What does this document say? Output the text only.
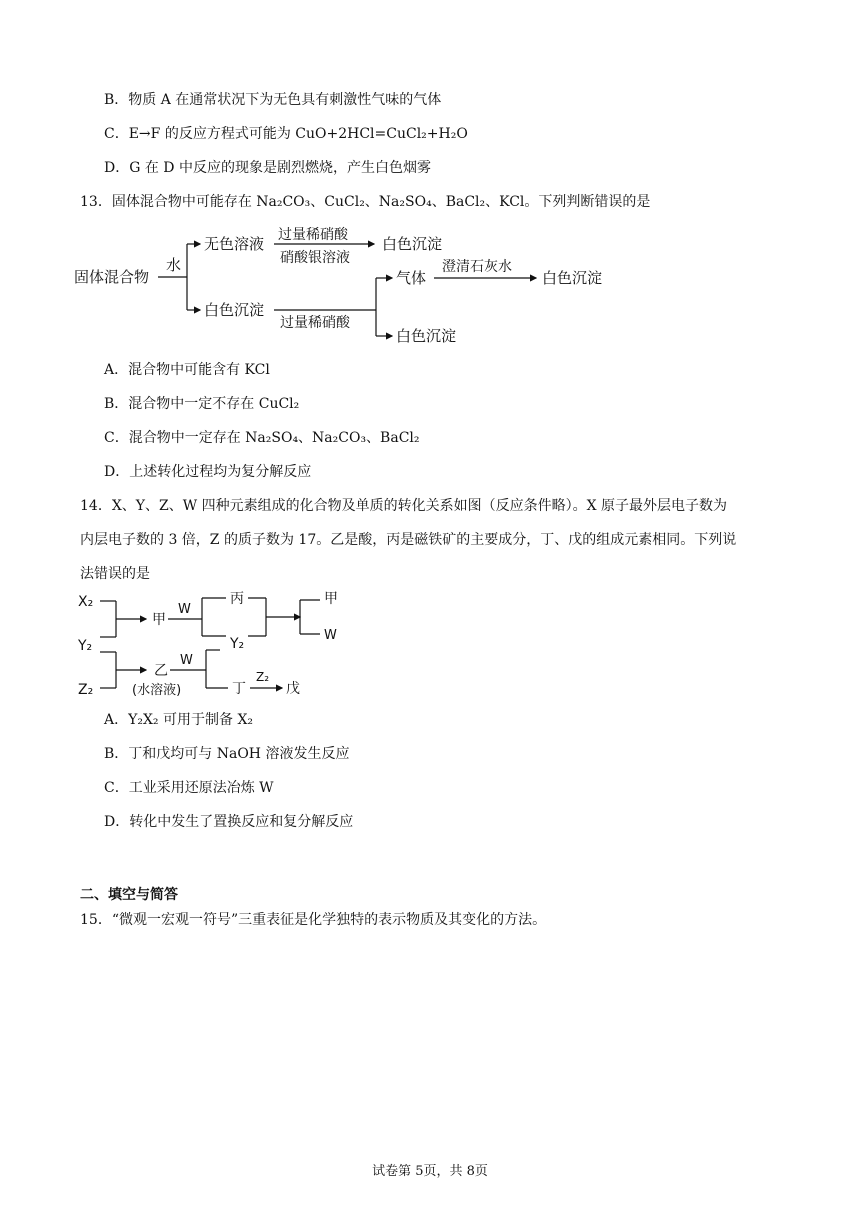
B．物质 A 在通常状况下为无色具有刺激性气味的气体
C．E→F 的反应方程式可能为 CuO+2HCl=CuCl₂+H₂O
D．G 在 D 中反应的现象是剧烈燃烧，产生白色烟雾
13．固体混合物中可能存在 Na₂CO₃、CuCl₂、Na₂SO₄、BaCl₂、KCl。下列判断错误的是
固体混合物
水
无色溶液 过量稀硝酸
硝酸银溶液
白色沉淀
白色沉淀
过量稀硝酸
气体
澄清石灰水
白色沉淀
白色沉淀
A．混合物中可能含有 KCl
B．混合物中一定不存在 CuCl₂
C．混合物中一定存在 Na₂SO₄、Na₂CO₃、BaCl₂
D．上述转化过程均为复分解反应
14．X、Y、Z、W 四种元素组成的化合物及单质的转化关系如图（反应条件略）。X 原子最外层电子数为
内层电子数的 3 倍，Z 的质子数为 17。乙是酸，丙是磁铁矿的主要成分，丁、戊的组成元素相同。下列说
法错误的是
X₂
Y₂
Z₂
甲
W
丙
Y₂
甲
W
乙
(水溶液)
W
丁
Z₂
戊
A．Y₂X₂ 可用于制备 X₂
B．丁和戊均可与 NaOH 溶液发生反应
C．工业采用还原法冶炼 W
D．转化中发生了置换反应和复分解反应
二、填空与简答
15．“微观一宏观一符号”三重表征是化学独特的表示物质及其变化的方法。
试卷第 5页，共 8页
